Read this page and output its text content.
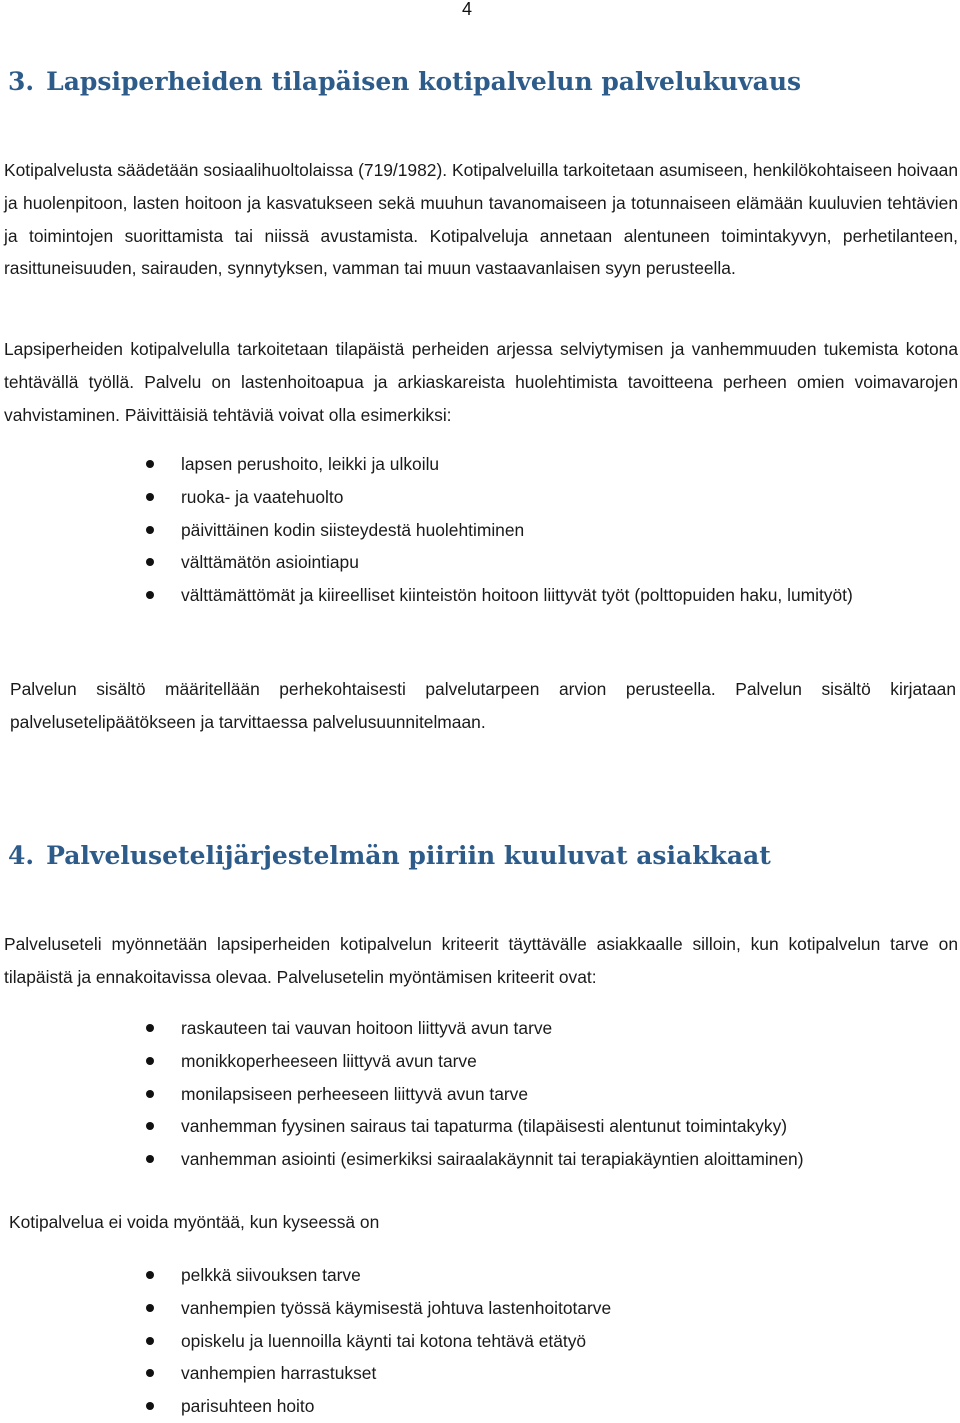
4
3. Lapsiperheiden tilapäisen kotipalvelun palvelukuvaus

Kotipalvelusta säädetään sosiaalihuoltolaissa (719/1982). Kotipalveluilla tarkoitetaan asumiseen, henkilökohtaiseen hoivaan ja huolenpitoon, lasten hoitoon ja kasvatukseen sekä muuhun tavanomaiseen ja totunnaiseen elämään kuuluvien tehtävien ja toimintojen suorittamista tai niissä avustamista. Kotipalveluja annetaan alentuneen toimintakyvyn, perhetilanteen, rasittuneisuuden, sairauden, synnytyksen, vamman tai muun vastaavanlaisen syyn perusteella.

Lapsiperheiden kotipalvelulla tarkoitetaan tilapäistä perheiden arjessa selviytymisen ja vanhemmuuden tukemista kotona tehtävällä työllä. Palvelu on lastenhoitoapua ja arkiaskareista huolehtimista tavoitteena perheen omien voimavarojen vahvistaminen. Päivittäisiä tehtäviä voivat olla esimerkiksi:

lapsen perushoito, leikki ja ulkoilu
ruoka- ja vaatehuolto
päivittäinen kodin siisteydestä huolehtiminen
välttämätön asiointiapu
välttämättömät ja kiireelliset kiinteistön hoitoon liittyvät työt (polttopuiden haku, lumityöt)

Palvelun sisältö määritellään perhekohtaisesti palvelutarpeen arvion perusteella. Palvelun sisältö kirjataan palvelusetelipäätökseen ja tarvittaessa palvelusuunnitelmaan.

4. Palvelusetelijärjestelmän piiriin kuuluvat asiakkaat

Palveluseteli myönnetään lapsiperheiden kotipalvelun kriteerit täyttävälle asiakkaalle silloin, kun kotipalvelun tarve on tilapäistä ja ennakoitavissa olevaa. Palvelusetelin myöntämisen kriteerit ovat:

raskauteen tai vauvan hoitoon liittyvä avun tarve
monikkoperheeseen liittyvä avun tarve
monilapsiseen perheeseen liittyvä avun tarve
vanhemman fyysinen sairaus tai tapaturma (tilapäisesti alentunut toimintakyky)
vanhemman asiointi (esimerkiksi sairaalakäynnit tai terapiakäyntien aloittaminen)

Kotipalvelua ei voida myöntää, kun kyseessä on

pelkkä siivouksen tarve
vanhempien työssä käymisestä johtuva lastenhoitotarve
opiskelu ja luennoilla käynti tai kotona tehtävä etätyö
vanhempien harrastukset
parisuhteen hoito
